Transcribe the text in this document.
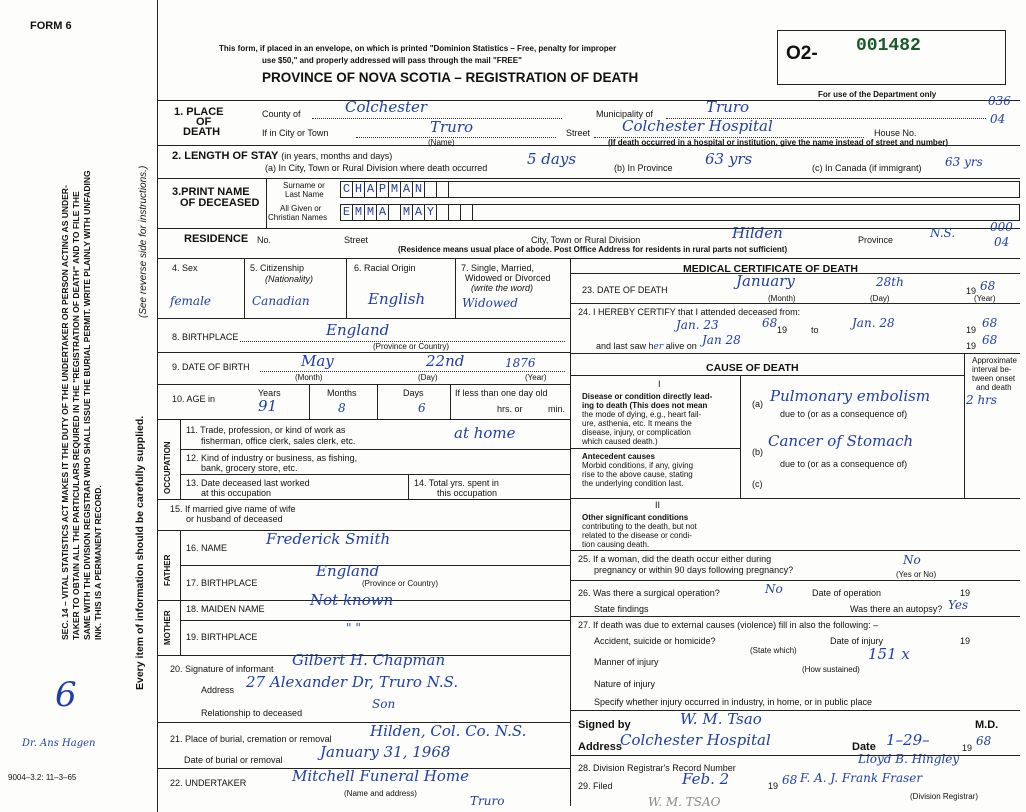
FORM 6
SEC. 14 – VITAL STATISTICS ACT MAKES IT THE DUTY OF THE UNDERTAKER OR PERSON ACTING AS UNDER-TAKER TO OBTAIN ALL THE PARTICULARS REQUIRED IN THE "REGISTRATION OF DEATH" AND TO FILE THE SAME WITH THE DIVISION REGISTRAR WHO SHALL ISSUE THE BURIAL PERMIT. WRITE PLAINLY WITH UNFADING INK. THIS IS A PERMANENT RECORD.	Every item of information should be carefully supplied.
(See reverse side for instructions.)
6
Dr. Ans Hagen
9004–3.2: 11–3–65
This form, if placed in an envelope, on which is printed "Dominion Statistics – Free, penalty for improper
use $50," and properly addressed will pass through the mail "FREE"
PROVINCE OF NOVA SCOTIA – REGISTRATION OF DEATH
O2- 001482
For use of the Department only	036
04
1. PLACE
OF
DEATH
County of	Colchester	Municipality of	Truro
If in City or Town	Truro
(Name)
Street Colchester Hospital	House No.
(If death occurred in a hospital or institution, give the name instead of street and number)
2. LENGTH OF STAY (in years, months and days)
(a) In City, Town or Rural Division where death occurred	5 days	(b) In Province 63 yrs	(c) In Canada (if immigrant) 63 yrs
3.PRINT NAME
OF DECEASED
Surname or
Last Name
All Given or
Christian Names
C H A P M A N
E M M A M A Y
RESIDENCE No.	Street	City, Town or Rural Division	Hilden	Province	N.S.	000
04
(Residence means usual place of abode. Post Office Address for residents in rural parts not sufficient)
4. Sex
female
5. Citizenship
(Nationality)
Canadian
6. Racial Origin
English
7. Single, Married,
Widowed or Divorced
(write the word)
Widowed
8. BIRTHPLACE	England
(Province or Country)
9. DATE OF BIRTH	May	22nd	1876
(Month)	(Day)	(Year)
10. AGE in
Years
91
Months
8
Days
6
If less than one day old
hrs. or	min.
OCCUPATION
11. Trade, profession, or kind of work as
fisherman, office clerk, sales clerk, etc.	at home
12. Kind of industry or business, as fishing,
bank, grocery store, etc.
13. Date deceased last worked
at this occupation
14. Total yrs. spent in
this occupation
15. If married give name of wife
or husband of deceased
FATHER
16. NAME	Frederick Smith
17. BIRTHPLACE
England
(Province or Country)
MOTHER
18. MAIDEN NAME	Not known
19. BIRTHPLACE
" "
20. Signature of informant Gilbert H. Chapman
Address 27 Alexander Dr, Truro N.S.
Relationship to deceased
Son
21. Place of burial, cremation or removal	Hilden, Col. Co. N.S.
Date of burial or removal January 31, 1968
22. UNDERTAKER	Mitchell Funeral Home
(Name and address)
Truro
MEDICAL CERTIFICATE OF DEATH
23. DATE OF DEATH	January	28th
19 68
(Month)	(Day)	(Year)
24. I HEREBY CERTIFY that I attended deceased from:
Jan. 23	19
68	to	Jan. 28	19 68
and last saw her alive on Jan 28	19 68
CAUSE OF DEATH
Approximate
interval be-
tween onset
and death
I
Disease or condition directly lead-
ing to death (This does not mean
the mode of dying, e.g., heart fail-
ure, asthenia, etc. It means the
disease, injury, or complication
which caused death.)
(a) Pulmonary embolism	2 hrs
due to (or as a consequence of)
Antecedent causes
Morbid conditions, if any, giving
rise to the above cause, stating
the underlying condition last.
(b)
Cancer of Stomach
due to (or as a consequence of)
(c)
II
Other significant conditions
contributing to the death, but not
related to the disease or condi-
tion causing death.
25. If a woman, did the death occur either during
pregnancy or within 90 days following pregnancy?
No
(Yes or No)
26. Was there a surgical operation?	No	Date of operation	19
State findings	Was there an autopsy? Yes
27. If death was due to external causes (violence) fill in also the following: –
Accident, suicide or homicide?	Date of injury	19
(State which)
Manner of injury	151 x
(How sustained)
Nature of injury
Specify whether injury occurred in industry, in home, or in public place
Signed by	W. M. Tsao	M.D.
Address
Colchester Hospital	Date 1–29–	19 68
28. Division Registrar's Record Number
Lloyd B. Hingley
29. Filed	Feb. 2	19 68 F. A. J. Frank Fraser
(Division Registrar)
W. M. TSAO
